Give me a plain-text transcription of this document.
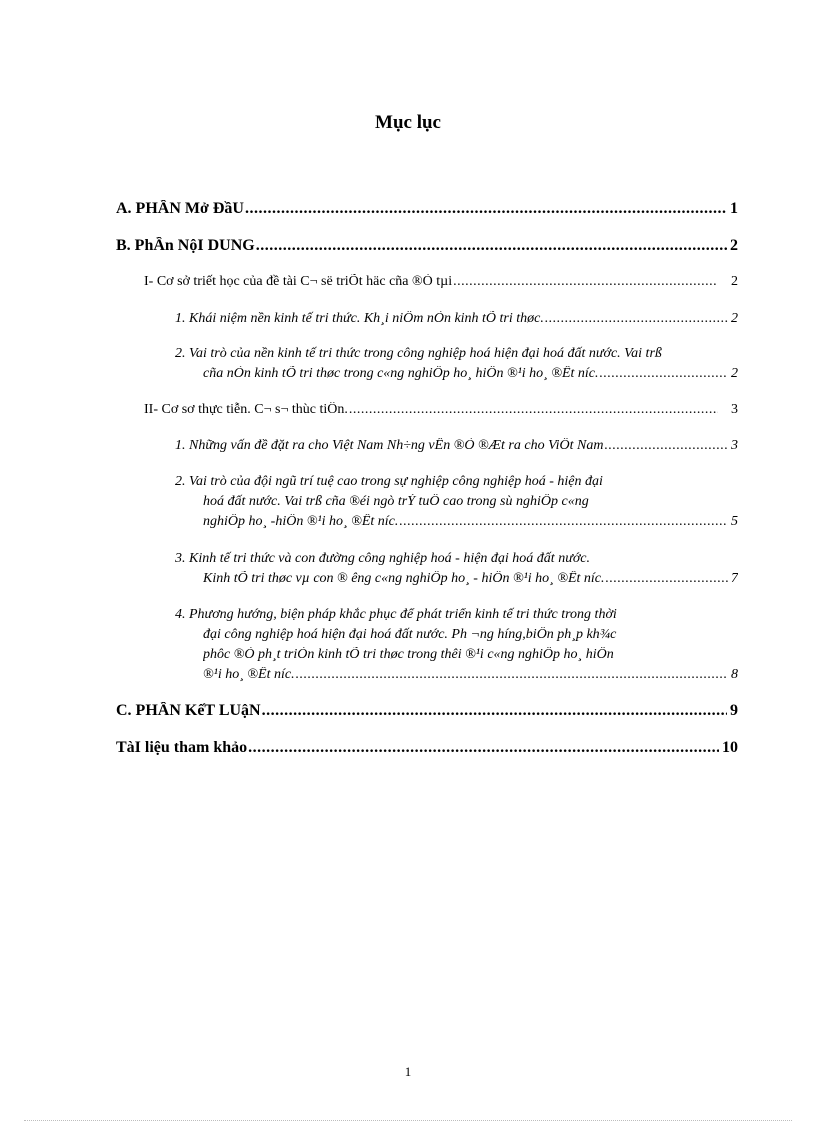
Mục lục
A. PHẦN Mở ĐầU .....	1
B. PhẦn NộI DUNG .....	2
I- Cơ sở triết học của đề tài C¬ së triÕt häc cña ®Ò tµi .....	2
1. Khái niệm nền kinh tế tri thức. Kh¸i niÖm nÒn kinh tÕ tri thøc. .....	2
2. Vai trò của nền kinh tế tri thức trong công nghiệp hoá hiện đại hoá đất nước. Vai trß
cña nÒn kinh tÕ tri thøc trong c«ng nghiÖp ho¸ hiÖn ®¹i ho¸ ®Êt níc. .....	2
II- Cơ sơ thực tiễn. C¬ s¬ thùc tiÔn. .....	3
1. Những vấn đề đặt ra cho Việt Nam Nh÷ng vÊn ®Ò ®Æt ra cho ViÖt Nam .....	3
2. Vai trò của đội ngũ trí tuệ cao trong sự nghiệp công nghiệp hoá - hiện đại
hoá đất nước. Vai trß cña ®éi ngò trÝ tuÖ cao trong sù nghiÖp c«ng
nghiÖp ho¸ -hiÖn ®¹i ho¸ ®Êt níc. .....	5
3. Kinh tế tri thức và con đường công nghiệp hoá - hiện đại hoá đất nước.
Kinh tÕ tri thøc vµ con ® êng c«ng nghiÖp ho¸ - hiÖn ®¹i ho¸ ®Êt níc. .....	7
4. Phương hướng, biện pháp khắc phục để phát triển kinh tế tri thức trong thời
đại công nghiệp hoá hiện đại hoá đất nước. Ph ¬ng híng,biÖn ph¸p kh¾c
phôc ®Ó ph¸t triÓn kinh tÕ tri thøc trong thêi ®¹i c«ng nghiÖp ho¸ hiÖn
®¹i ho¸ ®Êt níc. .....	8
C. PHẦN KếT LUậN .....	9
TàI liệu tham khảo .....	10
1
